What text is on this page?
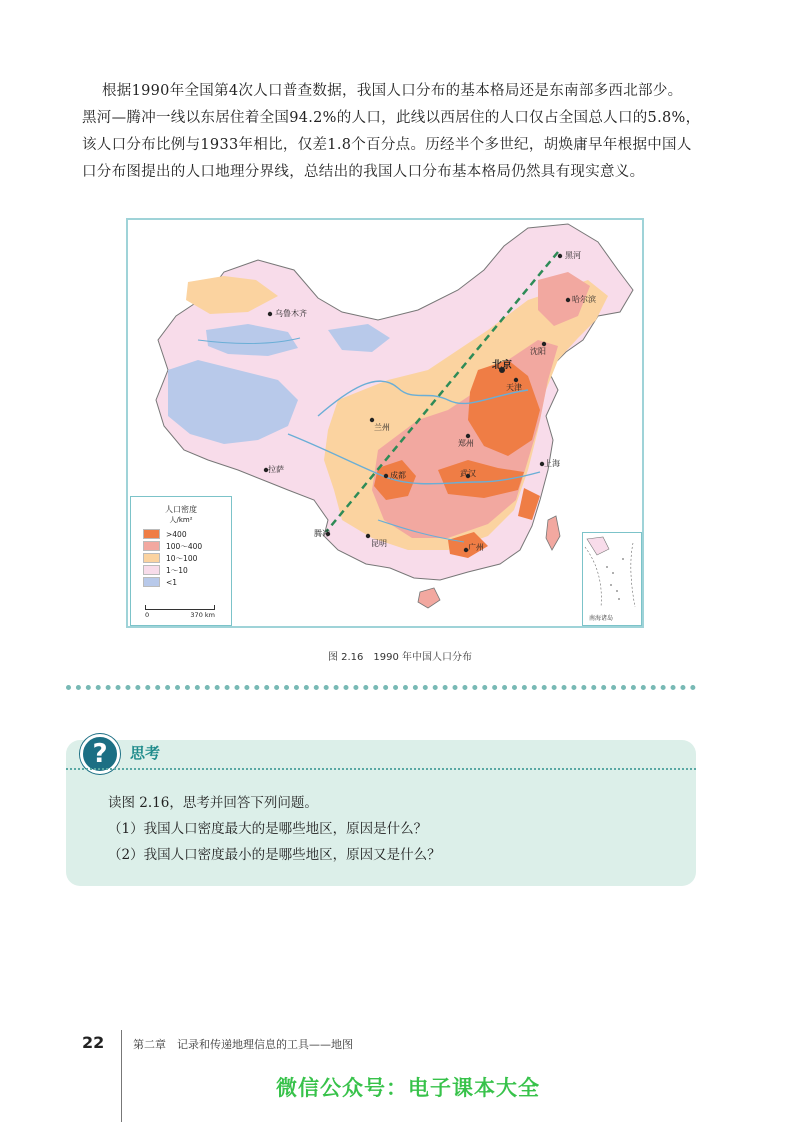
根据1990年全国第4次人口普查数据，我国人口分布的基本格局还是东南部多西北部少。
黑河—腾冲一线以东居住着全国94.2%的人口，此线以西居住的人口仅占全国总人口的5.8%，
该人口分布比例与1933年相比，仅差1.8个百分点。历经半个多世纪，胡焕庸早年根据中国人
口分布图提出的人口地理分界线，总结出的我国人口分布基本格局仍然具有现实意义。
黑河
哈尔滨
乌鲁木齐
沈阳
北京
天津
兰州
郑州
拉萨
成都	武汉
上海
腾冲
昆明	广州
人口密度
人/km²
>400
100～400
10～100
1～10
<1
0	370 km	南海诸岛
图 2.16　1990 年中国人口分布
?	思考
读图 2.16，思考并回答下列问题。
（1）我国人口密度最大的是哪些地区，原因是什么？
（2）我国人口密度最小的是哪些地区，原因又是什么？
22	第二章　记录和传递地理信息的工具——地图
微信公众号：电子课本大全
